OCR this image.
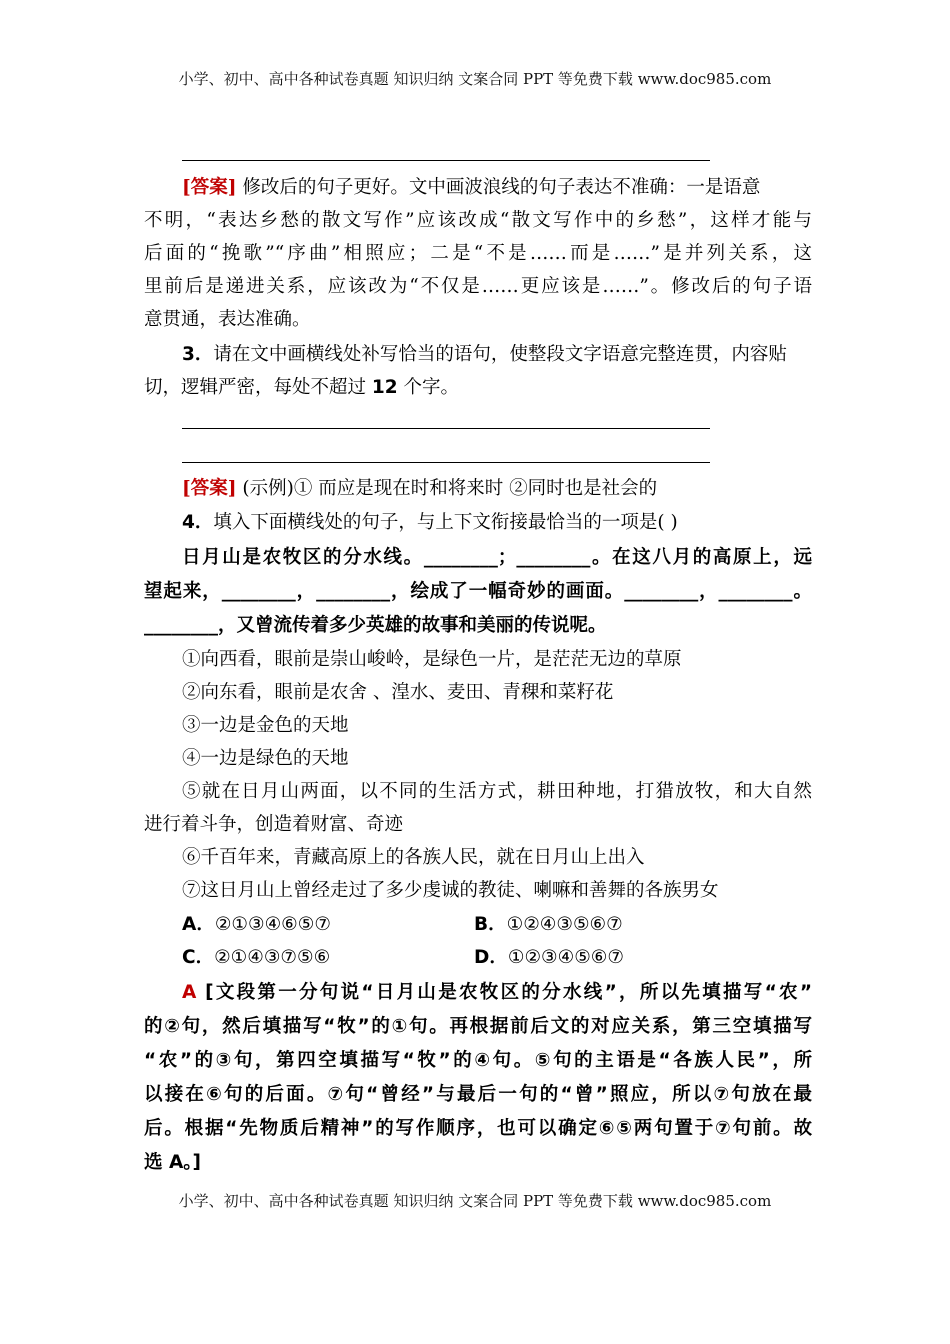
小学、初中、高中各种试卷真题 知识归纳 文案合同 PPT 等免费下载 www.doc985.com
[答案] 修改后的句子更好。文中画波浪线的句子表达不准确：一是语意
不明，“表达乡愁的散文写作”应该改成“散文写作中的乡愁”，这样才能与
后面的“挽歌”“序曲”相照应；二是“不是……而是……”是并列关系，这
里前后是递进关系，应该改为“不仅是……更应该是……”。修改后的句子语
意贯通，表达准确。
3．请在文中画横线处补写恰当的语句，使整段文字语意完整连贯，内容贴
切，逻辑严密，每处不超过 12 个字。
[答案] (示例)① 而应是现在时和将来时 ②同时也是社会的
4．填入下面横线处的句子，与上下文衔接最恰当的一项是( )
日月山是农牧区的分水线。________；________。在这八月的高原上，远
望起来，________，________，绘成了一幅奇妙的画面。________，________。
________，又曾流传着多少英雄的故事和美丽的传说呢。
①向西看，眼前是崇山峻岭，是绿色一片，是茫茫无边的草原
②向东看，眼前是农舍 、湟水、麦田、青稞和菜籽花
③一边是金色的天地
④一边是绿色的天地
⑤就在日月山两面，以不同的生活方式，耕田种地，打猎放牧，和大自然
进行着斗争，创造着财富、奇迹
⑥千百年来，青藏高原上的各族人民，就在日月山上出入
⑦这日月山上曾经走过了多少虔诚的教徒、喇嘛和善舞的各族男女
A．②①③④⑥⑤⑦	B．①②④③⑤⑥⑦
C．②①④③⑦⑤⑥	D．①②③④⑤⑥⑦
A [文段第一分句说“日月山是农牧区的分水线”，所以先填描写“农”
的②句，然后填描写“牧”的①句。再根据前后文的对应关系，第三空填描写
“农”的③句，第四空填描写“牧”的④句。⑤句的主语是“各族人民”，所
以接在⑥句的后面。⑦句“曾经”与最后一句的“曾”照应，所以⑦句放在最
后。根据“先物质后精神”的写作顺序，也可以确定⑥⑤两句置于⑦句前。故
选 A。]
小学、初中、高中各种试卷真题 知识归纳 文案合同 PPT 等免费下载 www.doc985.com
